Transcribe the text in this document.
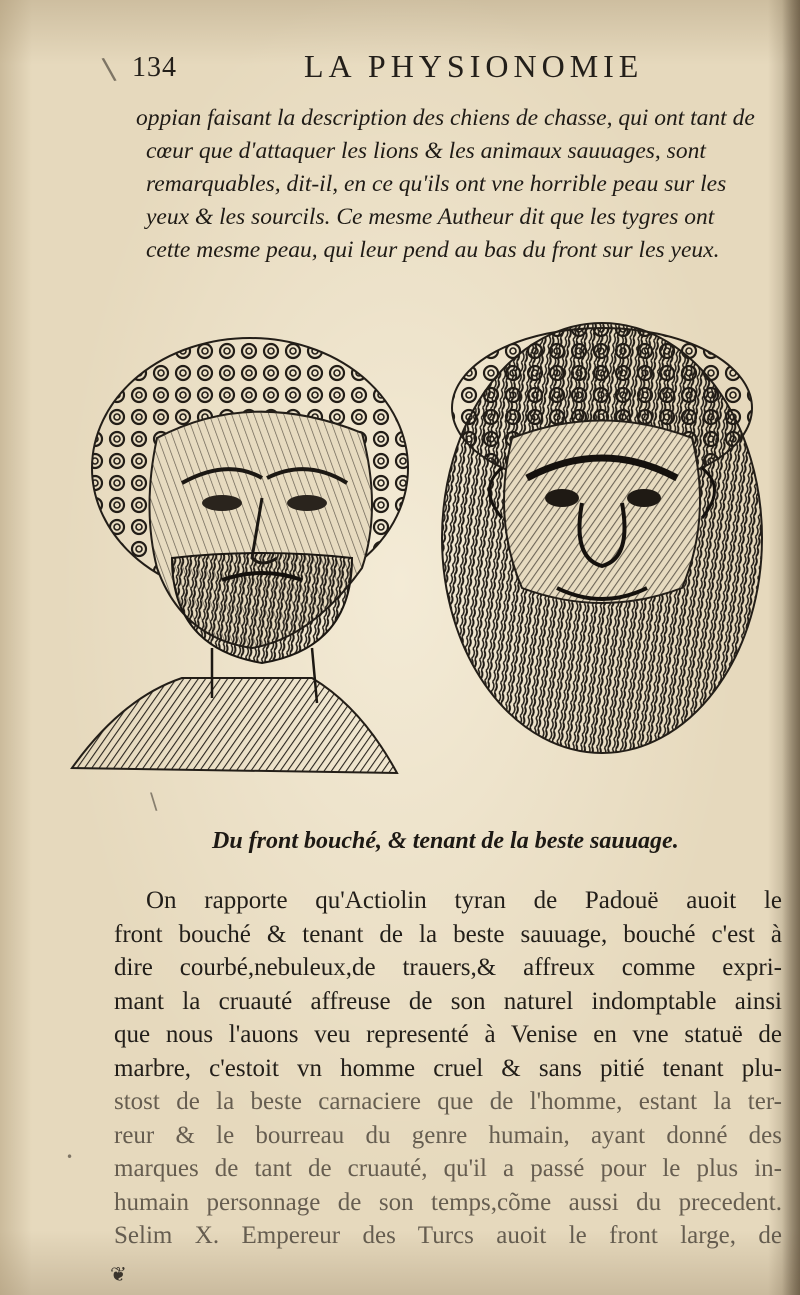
134	LA PHYSIONOMIE
oppian faisant la description des chiens de chasse, qui ont tant de
cœur que d'attaquer les lions & les animaux sauuages, sont
remarquables, dit-il, en ce qu'ils ont vne horrible peau sur les
yeux & les sourcils. Ce mesme Autheur dit que les tygres ont
cette mesme peau, qui leur pend au bas du front sur les yeux.
Du front bouché, & tenant de la beste sauuage.
On rapporte qu'Actiolin tyran de Padouë auoit le
front bouché & tenant de la beste sauuage, bouché c'est à
dire courbé,nebuleux,de trauers,& affreux comme expri-
mant la cruauté affreuse de son naturel indomptable ainsi
que nous l'auons veu representé à Venise en vne statuë de
marbre, c'estoit vn homme cruel & sans pitié tenant plu-
stost de la beste carnaciere que de l'homme, estant la ter-
reur & le bourreau du genre humain, ayant donné des
marques de tant de cruauté, qu'il a passé pour le plus in-
humain personnage de son temps,cõme aussi du precedent.
Selim X. Empereur des Turcs auoit le front large, de
\
\
•
❦
